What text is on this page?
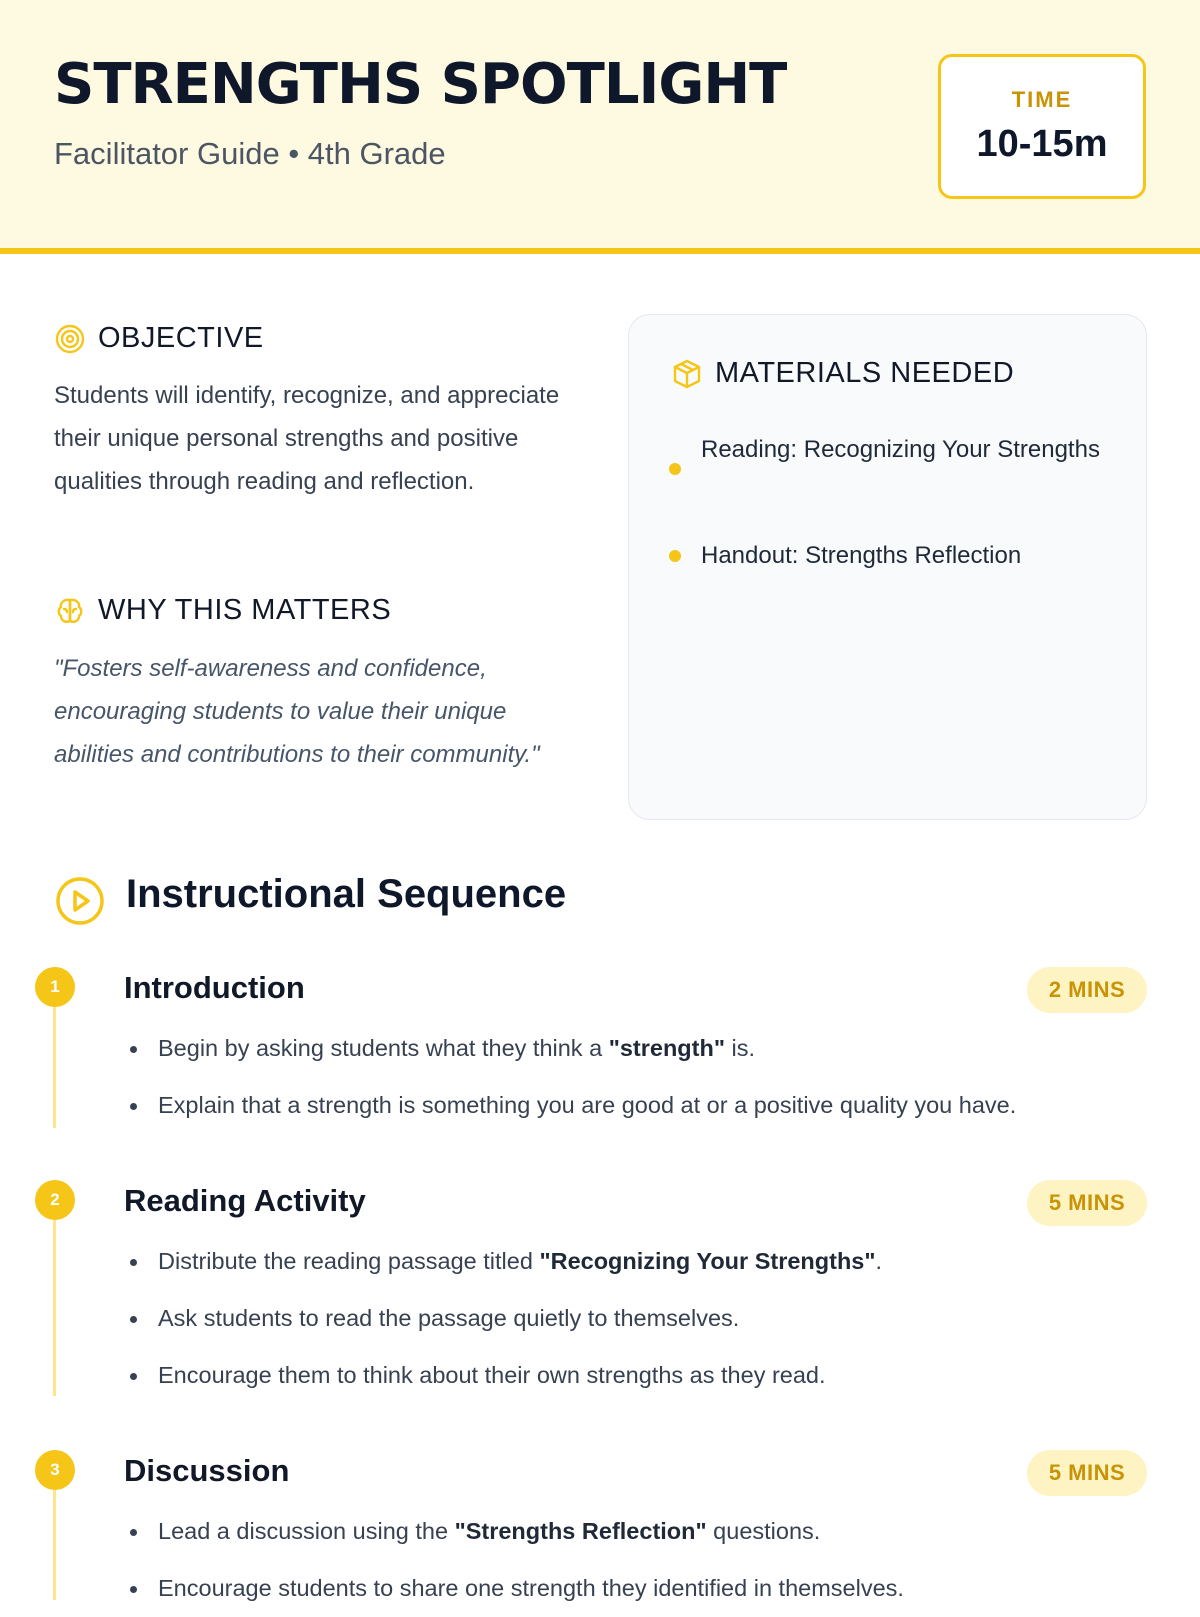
STRENGTHS SPOTLIGHT
Facilitator Guide • 4th Grade
TIME
10-15m
OBJECTIVE

Students will identify, recognize, and appreciate their unique personal strengths and positive qualities through reading and reflection.

WHY THIS MATTERS

"Fosters self-awareness and confidence, encouraging students to value their unique abilities and contributions to their community."

MATERIALS NEEDED
Reading: Recognizing Your Strengths
Handout: Strengths Reflection
Instructional Sequence
1	Introduction	2 MINS
Begin by asking students what they think a "strength" is.
Explain that a strength is something you are good at or a positive quality you have.
2	Reading Activity	5 MINS
Distribute the reading passage titled "Recognizing Your Strengths".
Ask students to read the passage quietly to themselves.
Encourage them to think about their own strengths as they read.
3	Discussion	5 MINS
Lead a discussion using the "Strengths Reflection" questions.
Encourage students to share one strength they identified in themselves.
